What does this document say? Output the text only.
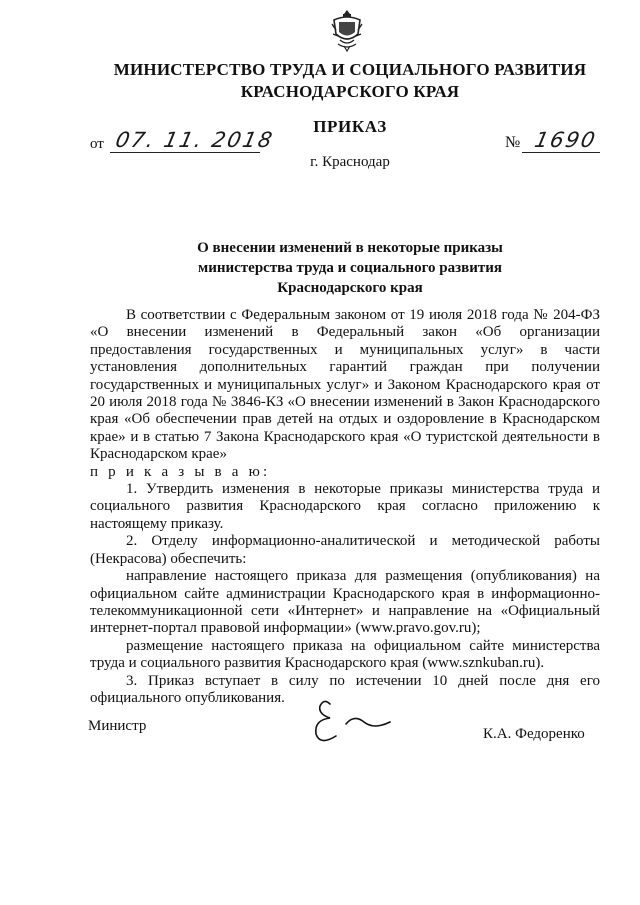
МИНИСТЕРСТВО ТРУДА И СОЦИАЛЬНОГО РАЗВИТИЯ
КРАСНОДАРСКОГО КРАЯ
ПРИКАЗ
от 07. 11. 2018	№ 1690
г. Краснодар
О внесении изменений в некоторые приказы
министерства труда и социального развития
Краснодарского края

В соответствии с Федеральным законом от 19 июля 2018 года № 204-ФЗ «О внесении изменений в Федеральный закон «Об организации предоставления государственных и муниципальных услуг» в части установления дополнительных гарантий граждан при получении государственных и муниципальных услуг» и Законом Краснодарского края от 20 июля 2018 года № 3846-КЗ «О внесении изменений в Закон Краснодарского края «Об обеспечении прав детей на отдых и оздоровление в Краснодарском крае» и в статью 7 Закона Краснодарского края «О туристской деятельности в Краснодарском крае»

п р и к а з ы в а ю:

1. Утвердить изменения в некоторые приказы министерства труда и социального развития Краснодарского края согласно приложению к настоящему приказу.

2. Отделу информационно-аналитической и методической работы (Некрасова) обеспечить:

направление настоящего приказа для размещения (опубликования) на официальном сайте администрации Краснодарского края в информационно-телекоммуникационной сети «Интернет» и направление на «Официальный интернет-портал правовой информации» (www.pravo.gov.ru);

размещение настоящего приказа на официальном сайте министерства труда и социального развития Краснодарского края (www.sznkuban.ru).

3. Приказ вступает в силу по истечении 10 дней после дня его официального опубликования.

Министр	К.А. Федоренко
